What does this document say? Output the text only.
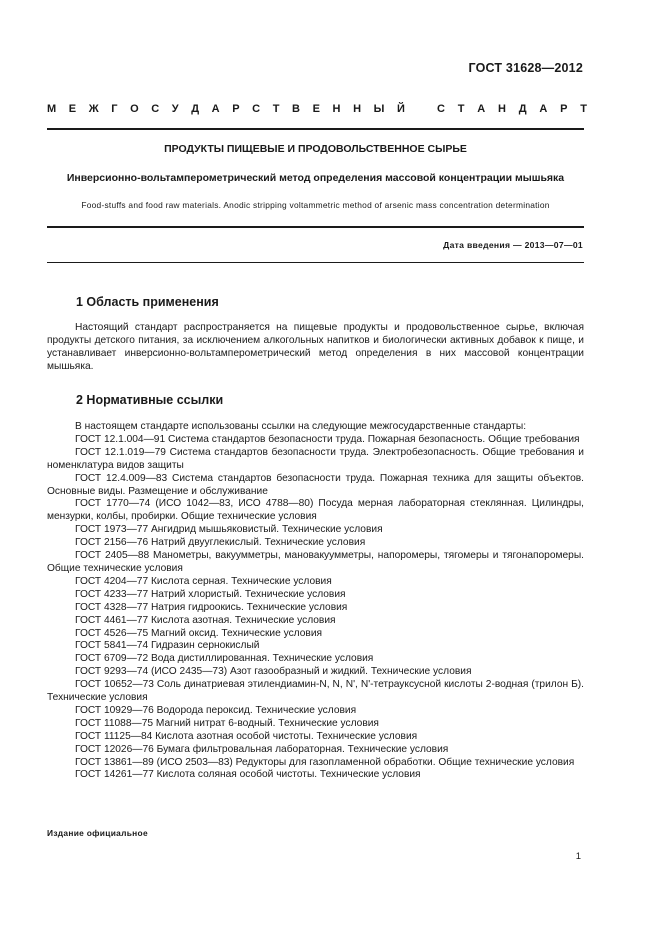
ГОСТ 31628—2012
М Е Ж Г О С У Д А Р С Т В Е Н Н Ы Й	С Т А Н Д А Р Т
ПРОДУКТЫ ПИЩЕВЫЕ И ПРОДОВОЛЬСТВЕННОЕ СЫРЬЕ
Инверсионно-вольтамперометрический метод определения массовой концентрации мышьяка
Food-stuffs and food raw materials. Anodic stripping voltammetric method of arsenic mass concentration determination
Дата введения — 2013—07—01
1 Область применения

Настоящий стандарт распространяется на пищевые продукты и продовольственное сырье, включая продукты детского питания, за исключением алкогольных напитков и биологически активных добавок к пище, и устанавливает инверсионно-вольтамперометрический метод определения в них массовой концентрации мышьяка.

2 Нормативные ссылки

В настоящем стандарте использованы ссылки на следующие межгосударственные стандарты:

ГОСТ 12.1.004—91 Система стандартов безопасности труда. Пожарная безопасность. Общие требования

ГОСТ 12.1.019—79 Система стандартов безопасности труда. Электробезопасность. Общие требования и номенклатура видов защиты

ГОСТ 12.4.009—83 Система стандартов безопасности труда. Пожарная техника для защиты объектов. Основные виды. Размещение и обслуживание

ГОСТ 1770—74 (ИСО 1042—83, ИСО 4788—80) Посуда мерная лабораторная стеклянная. Цилиндры, мензурки, колбы, пробирки. Общие технические условия

ГОСТ 1973—77 Ангидрид мышьяковистый. Технические условия

ГОСТ 2156—76 Натрий двууглекислый. Технические условия

ГОСТ 2405—88 Манометры, вакуумметры, мановакуумметры, напоромеры, тягомеры и тягонапоромеры. Общие технические условия

ГОСТ 4204—77 Кислота серная. Технические условия

ГОСТ 4233—77 Натрий хлористый. Технические условия

ГОСТ 4328—77 Натрия гидроокись. Технические условия

ГОСТ 4461—77 Кислота азотная. Технические условия

ГОСТ 4526—75 Магний оксид. Технические условия

ГОСТ 5841—74 Гидразин сернокислый

ГОСТ 6709—72 Вода дистиллированная. Технические условия

ГОСТ 9293—74 (ИСО 2435—73) Азот газообразный и жидкий. Технические условия

ГОСТ 10652—73 Соль динатриевая этилендиамин-N, N, N', N'-тетрауксусной кислоты 2-водная (трилон Б). Технические условия

ГОСТ 10929—76 Водорода пероксид. Технические условия

ГОСТ 11088—75 Магний нитрат 6-водный. Технические условия

ГОСТ 11125—84 Кислота азотная особой чистоты. Технические условия

ГОСТ 12026—76 Бумага фильтровальная лабораторная. Технические условия

ГОСТ 13861—89 (ИСО 2503—83) Редукторы для газопламенной обработки. Общие технические условия

ГОСТ 14261—77 Кислота соляная особой чистоты. Технические условия

Издание официальное
1
